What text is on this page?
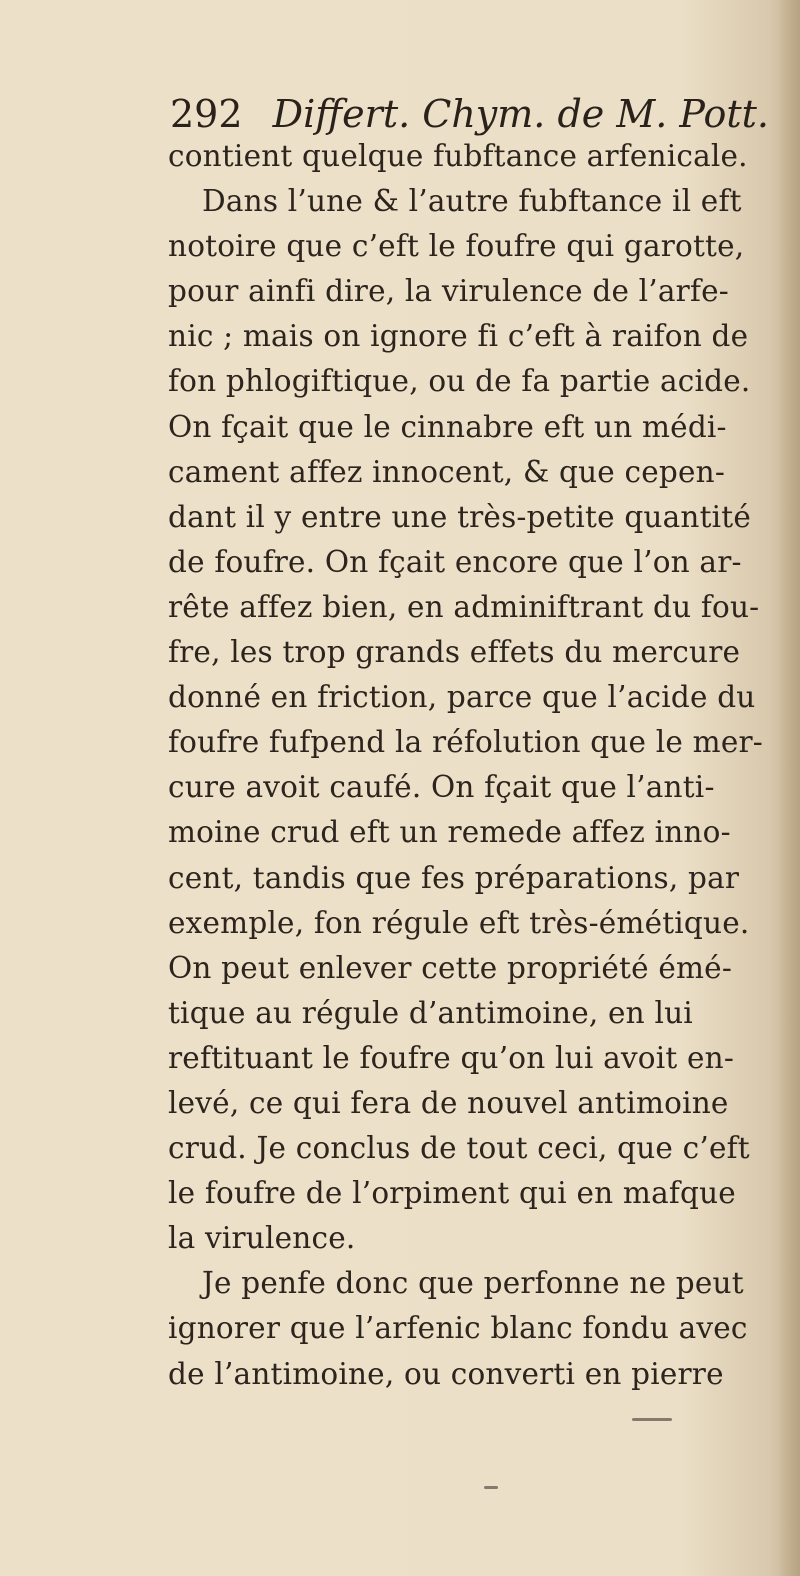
292 Differt. Chym. de M. Pott.
contient quelque fubftance arfenicale.
Dans l’une & l’autre fubftance il eft
notoire que c’eft le foufre qui garotte,
pour ainfi dire, la virulence de l’arfe-
nic ; mais on ignore fi c’eft à raifon de
fon phlogiftique, ou de fa partie acide.
On fçait que le cinnabre eft un médi-
cament affez innocent, & que cepen-
dant il y entre une très-petite quantité
de foufre. On fçait encore que l’on ar-
rête affez bien, en adminiftrant du fou-
fre, les trop grands effets du mercure
donné en friction, parce que l’acide du
foufre fufpend la réfolution que le mer-
cure avoit caufé. On fçait que l’anti-
moine crud eft un remede affez inno-
cent, tandis que fes préparations, par
exemple, fon régule eft très-émétique.
On peut enlever cette propriété émé-
tique au régule d’antimoine, en lui
reftituant le foufre qu’on lui avoit en-
levé, ce qui fera de nouvel antimoine
crud. Je conclus de tout ceci, que c’eft
le foufre de l’orpiment qui en mafque
la virulence.
Je penfe donc que perfonne ne peut
ignorer que l’arfenic blanc fondu avec
de l’antimoine, ou converti en pierre
